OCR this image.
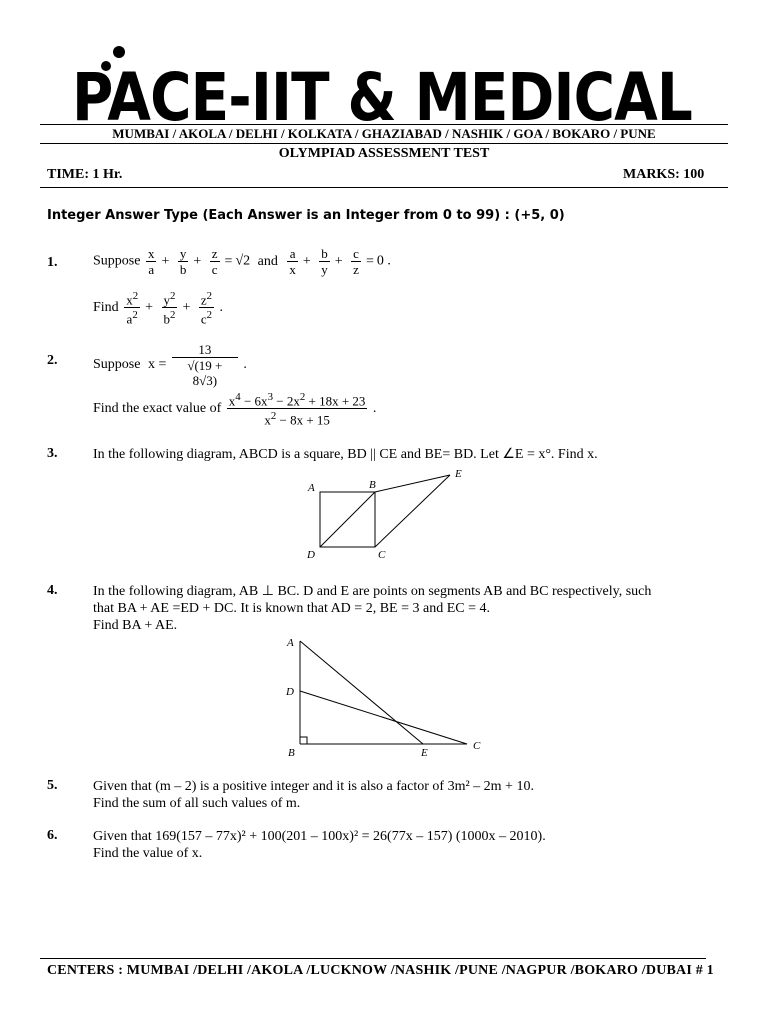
PACE-IIT & MEDICAL
MUMBAI / AKOLA / DELHI / KOLKATA / GHAZIABAD / NASHIK / GOA / BOKARO / PUNE
OLYMPIAD ASSESSMENT TEST
TIME: 1 Hr.	MARKS: 100
Integer Answer Type (Each Answer is an Integer from 0 to 99) : (+5, 0)
1.	Suppose $\frac{x}{a} + \frac{y}{b} + \frac{z}{c} = √2$ and $\frac{a}{x} + \frac{b}{y} + \frac{c}{z} = 0$ .
Find $\frac{x^2}{a^2} + \frac{y^2}{b^2} + \frac{z^2}{c^2}$ .
2.	Suppose $x = \frac{13}{√(19 + 8√3)}$ .
Find the exact value of $\frac{x^4 - 6x^3 - 2x^2 + 18x + 23}{x^2 - 8x + 15}$ .
3.	In the following diagram, ABCD is a square, BD || CE and BE= BD. Let ∠E = x°. Find x.
A	B
C
D
E
4.	In the following diagram, AB ⊥ BC. D and E are points on segments AB and BC respectively, such
that BA + AE =ED + DC. It is known that AD = 2, BE = 3 and EC = 4.
Find BA + AE.
A
D
B	E
C
5.	Given that (m – 2) is a positive integer and it is also a factor of 3m² – 2m + 10.
Find the sum of all such values of m.
6.	Given that 169(157 – 77x)² + 100(201 – 100x)² = 26(77x – 157) (1000x – 2010).
Find the value of x.
CENTERS : MUMBAI /DELHI /AKOLA /LUCKNOW /NASHIK /PUNE /NAGPUR /BOKARO /DUBAI # 1
